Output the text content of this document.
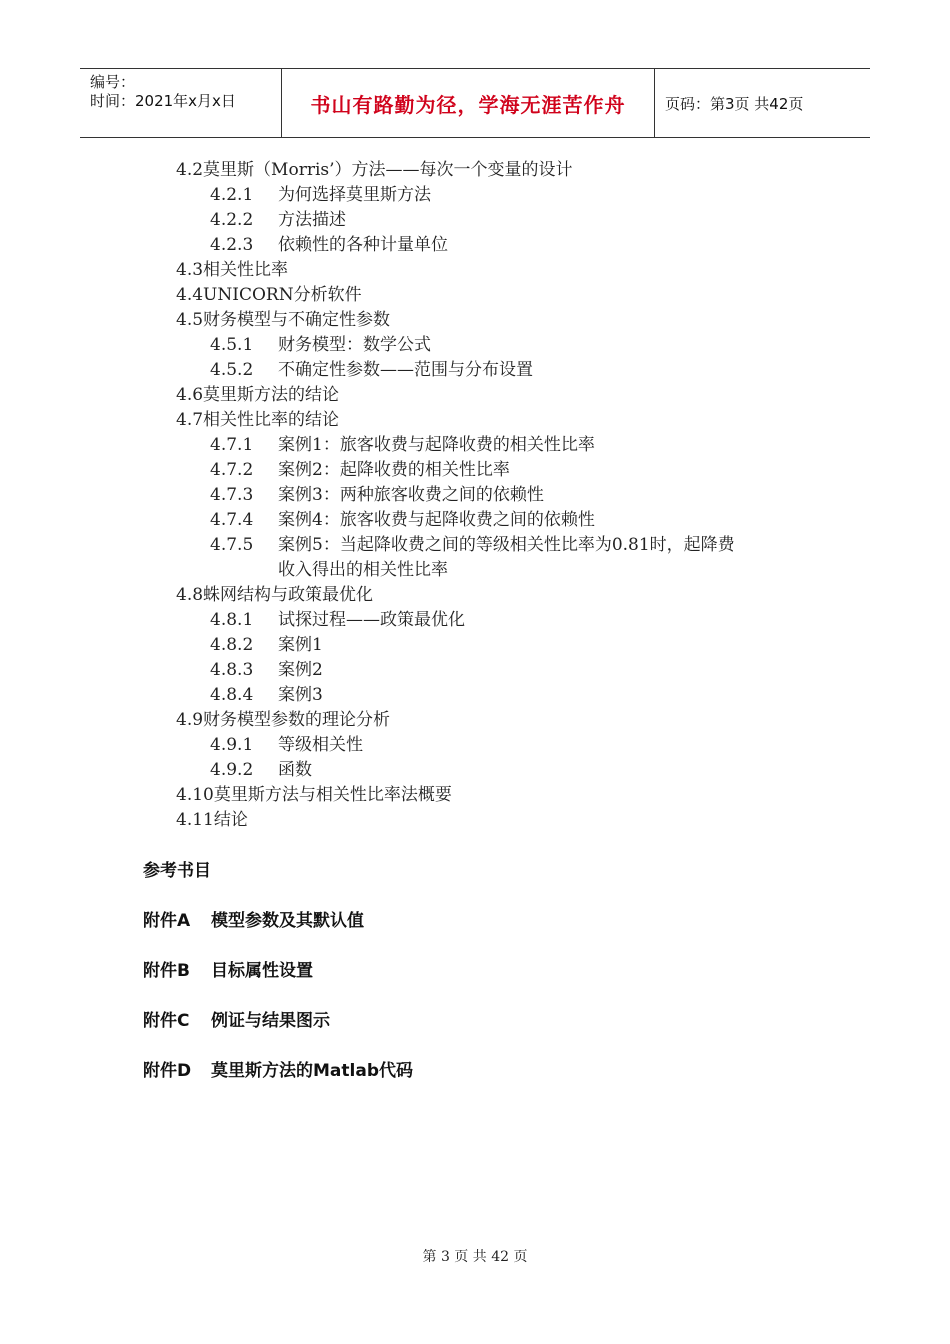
编号：
时间：2021年x月x日	书山有路勤为径，学海无涯苦作舟	页码：第3页 共42页
4.2莫里斯（Morris’）方法——每次一个变量的设计
4.2.1 为何选择莫里斯方法
4.2.2 方法描述
4.2.3 依赖性的各种计量单位
4.3相关性比率
4.4UNICORN分析软件
4.5财务模型与不确定性参数
4.5.1 财务模型：数学公式
4.5.2 不确定性参数——范围与分布设置
4.6莫里斯方法的结论
4.7相关性比率的结论
4.7.1 案例1：旅客收费与起降收费的相关性比率
4.7.2 案例2：起降收费的相关性比率
4.7.3 案例3：两种旅客收费之间的依赖性
4.7.4 案例4：旅客收费与起降收费之间的依赖性
4.7.5 案例5：当起降收费之间的等级相关性比率为0.81时，起降费
收入得出的相关性比率
4.8蛛网结构与政策最优化
4.8.1 试探过程——政策最优化
4.8.2 案例1
4.8.3 案例2
4.8.4 案例3
4.9财务模型参数的理论分析
4.9.1 等级相关性
4.9.2 函数
4.10莫里斯方法与相关性比率法概要
4.11结论
参考书目
附件A 模型参数及其默认值
附件B 目标属性设置
附件C 例证与结果图示
附件D 莫里斯方法的Matlab代码
第 3 页 共 42 页
